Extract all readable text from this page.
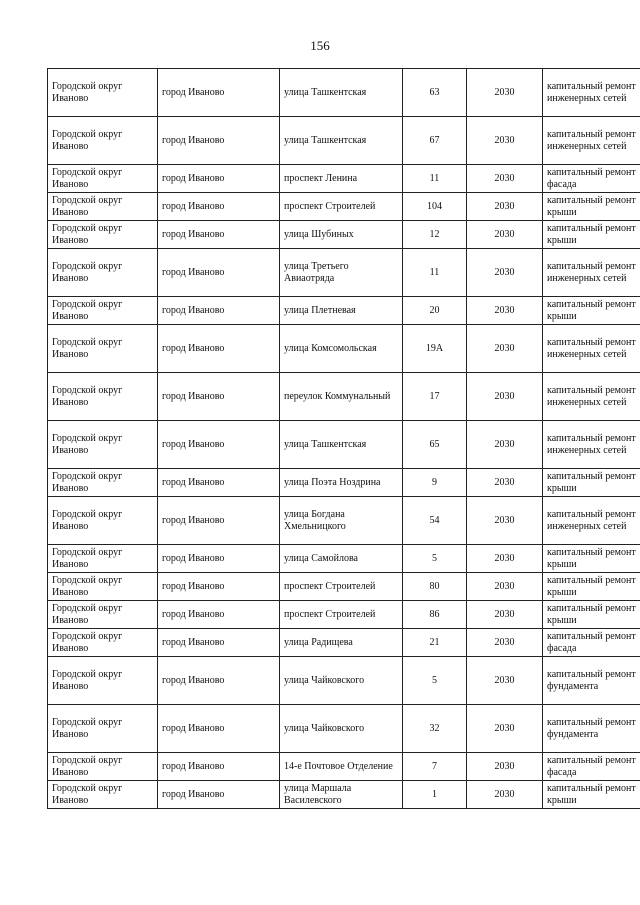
156
Городской округ Иваново	город Иваново	улица Ташкентская	63	2030	капитальный ремонт инженерных сетей
Городской округ Иваново	город Иваново	улица Ташкентская	67	2030	капитальный ремонт инженерных сетей
Городской округ Иваново	город Иваново	проспект Ленина	11	2030	капитальный ремонт фасада
Городской округ Иваново	город Иваново	проспект Строителей	104	2030	капитальный ремонт крыши
Городской округ Иваново	город Иваново	улица Шубиных	12	2030	капитальный ремонт крыши
Городской округ Иваново	город Иваново	улица Третьего Авиаотряда	11	2030	капитальный ремонт инженерных сетей
Городской округ Иваново	город Иваново	улица Плетневая	20	2030	капитальный ремонт крыши
Городской округ Иваново	город Иваново	улица Комсомольская	19А	2030	капитальный ремонт инженерных сетей
Городской округ Иваново	город Иваново	переулок Коммунальный	17	2030	капитальный ремонт инженерных сетей
Городской округ Иваново	город Иваново	улица Ташкентская	65	2030	капитальный ремонт инженерных сетей
Городской округ Иваново	город Иваново	улица Поэта Ноздрина	9	2030	капитальный ремонт крыши
Городской округ Иваново	город Иваново	улица Богдана Хмельницкого	54	2030	капитальный ремонт инженерных сетей
Городской округ Иваново	город Иваново	улица Самойлова	5	2030	капитальный ремонт крыши
Городской округ Иваново	город Иваново	проспект Строителей	80	2030	капитальный ремонт крыши
Городской округ Иваново	город Иваново	проспект Строителей	86	2030	капитальный ремонт крыши
Городской округ Иваново	город Иваново	улица Радищева	21	2030	капитальный ремонт фасада
Городской округ Иваново	город Иваново	улица Чайковского	5	2030	капитальный ремонт фундамента
Городской округ Иваново	город Иваново	улица Чайковского	32	2030	капитальный ремонт фундамента
Городской округ Иваново	город Иваново	14-е Почтовое Отделение	7	2030	капитальный ремонт фасада
Городской округ Иваново	город Иваново	улица Маршала Василевского	1	2030	капитальный ремонт крыши
